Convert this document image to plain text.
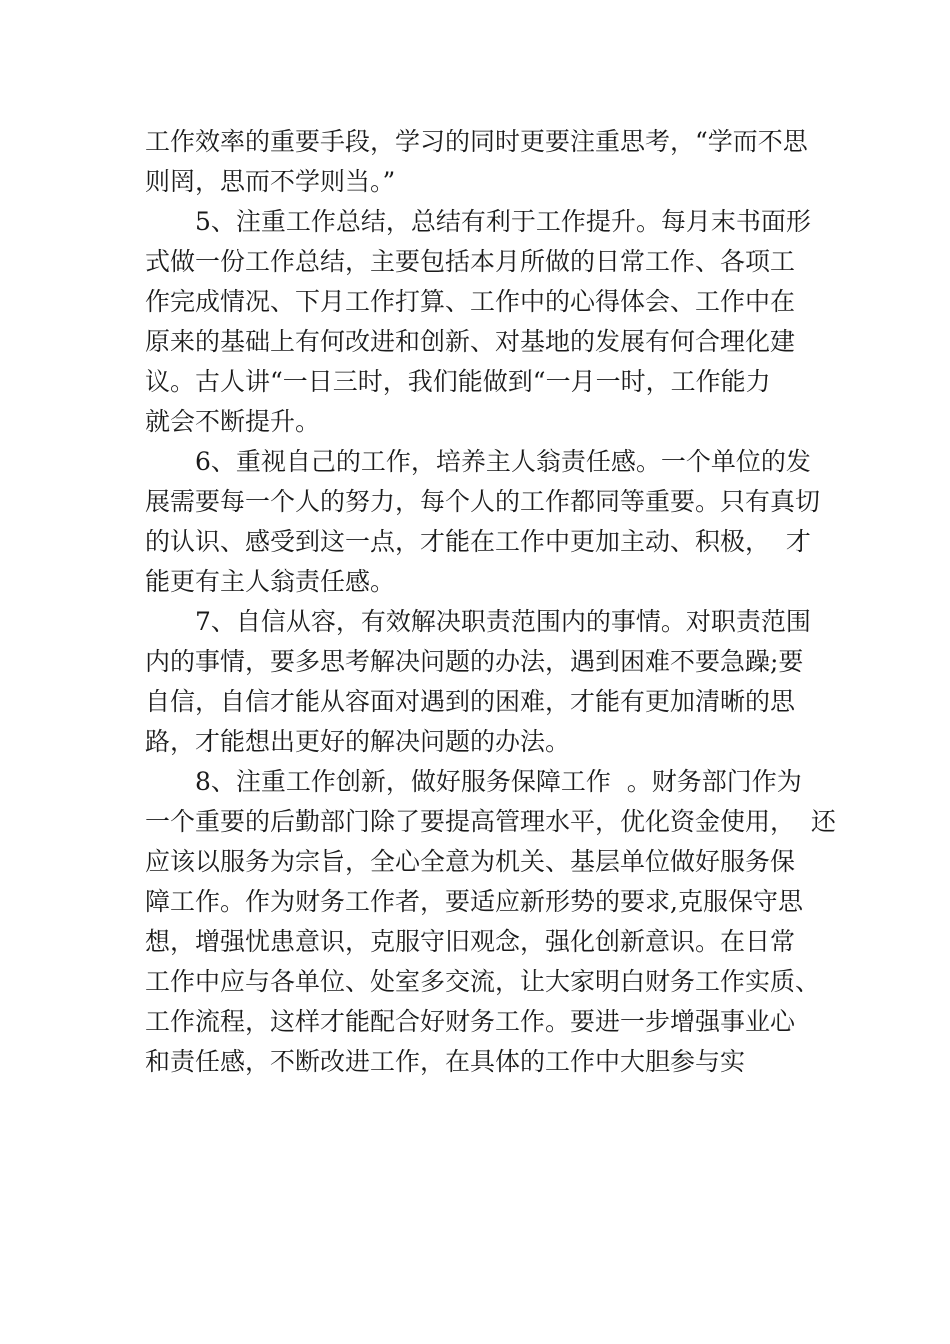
工作效率的重要手段，学习的同时更要注重思考，“学而不思
则罔，思而不学则当。”
5、注重工作总结，总结有利于工作提升。每月末书面形
式做一份工作总结，主要包括本月所做的日常工作、各项工
作完成情况、下月工作打算、工作中的心得体会、工作中在
原来的基础上有何改进和创新、对基地的发展有何合理化建
议。古人讲“一日三时，我们能做到“一月一时，工作能力
就会不断提升。
6、重视自己的工作，培养主人翁责任感。一个单位的发
展需要每一个人的努力，每个人的工作都同等重要。只有真切
的认识、感受到这一点，才能在工作中更加主动、积极，  才
能更有主人翁责任感。
7、自信从容，有效解决职责范围内的事情。对职责范围
内的事情，要多思考解决问题的办法，遇到困难不要急躁;要
自信，自信才能从容面对遇到的困难，才能有更加清晰的思
路，才能想出更好的解决问题的办法。
8、注重工作创新，做好服务保障工作  。财务部门作为
一个重要的后勤部门除了要提高管理水平，优化资金使用，  还
应该以服务为宗旨，全心全意为机关、基层单位做好服务保
障工作。作为财务工作者，要适应新形势的要求,克服保守思
想，增强忧患意识，克服守旧观念，强化创新意识。在日常
工作中应与各单位、处室多交流，让大家明白财务工作实质、
工作流程，这样才能配合好财务工作。要进一步增强事业心
和责任感，不断改进工作，在具体的工作中大胆参与实
